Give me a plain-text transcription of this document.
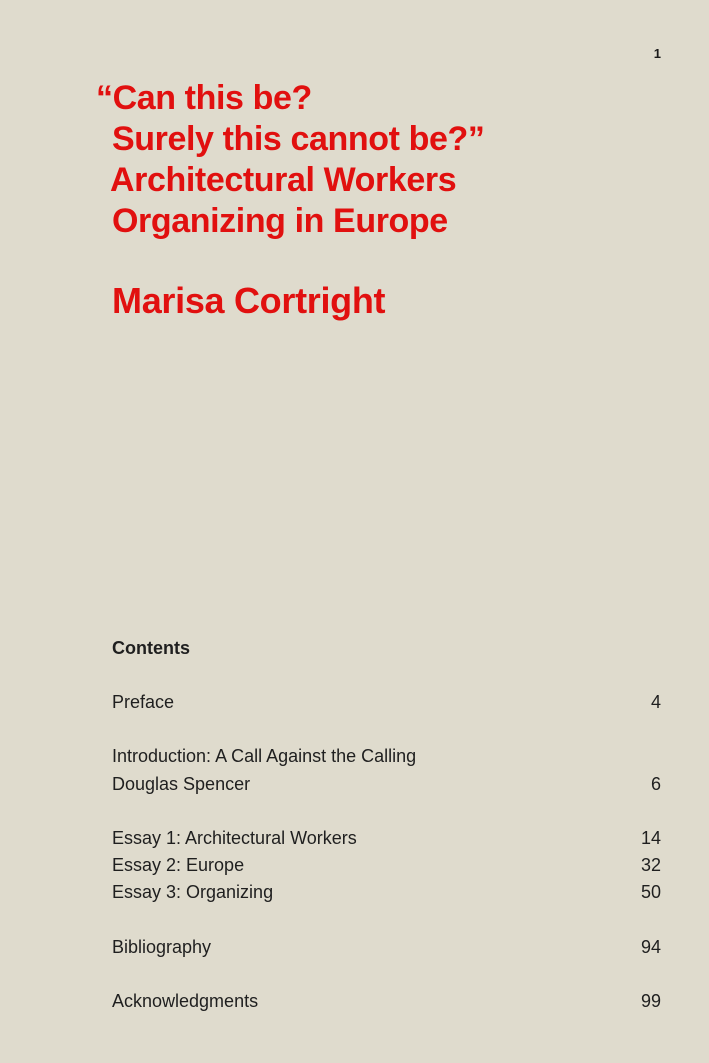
1
“Can this be?
Surely this cannot be?”
Architectural Workers
Organizing in Europe
Marisa Cortright
Contents
Preface	4
Introduction: A Call Against the Calling
Douglas Spencer	6
Essay 1: Architectural Workers	14
Essay 2: Europe	32
Essay 3: Organizing	50
Bibliography	94
Acknowledgments	99
